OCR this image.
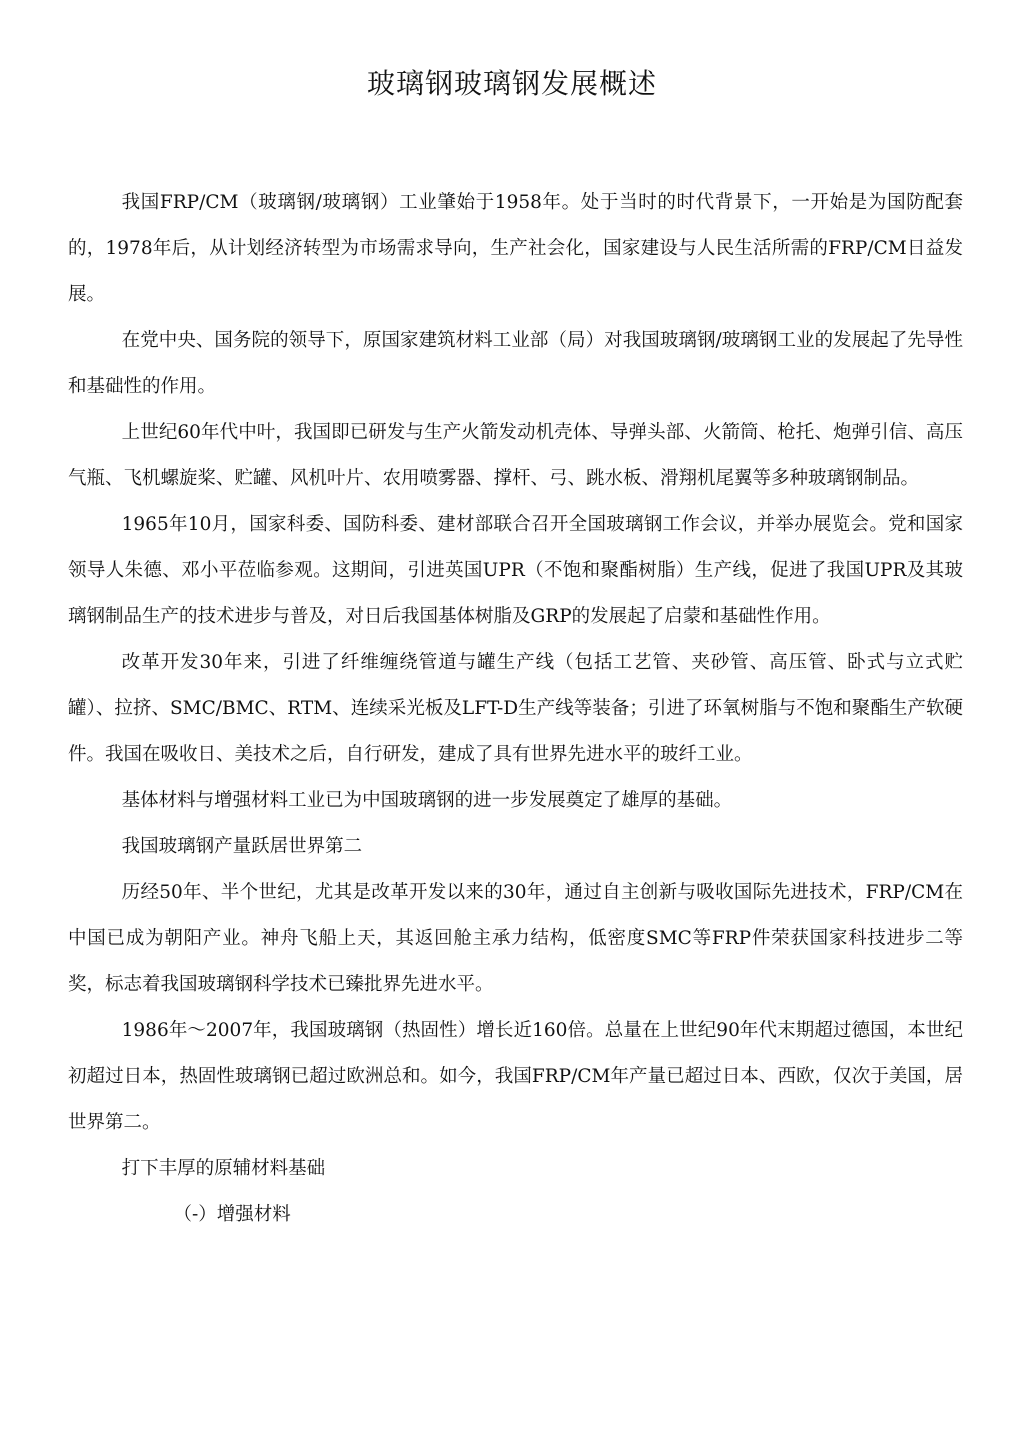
玻璃钢玻璃钢发展概述

我国FRP/CM（玻璃钢/玻璃钢）工业肇始于1958年。处于当时的时代背景下，一开始是为国防配套的，1978年后，从计划经济转型为市场需求导向，生产社会化，国家建设与人民生活所需的FRP/CM日益发展。

在党中央、国务院的领导下，原国家建筑材料工业部（局）对我国玻璃钢/玻璃钢工业的发展起了先导性和基础性的作用。

上世纪60年代中叶，我国即已研发与生产火箭发动机壳体、导弹头部、火箭筒、枪托、炮弹引信、高压气瓶、飞机螺旋桨、贮罐、风机叶片、农用喷雾器、撑杆、弓、跳水板、滑翔机尾翼等多种玻璃钢制品。

1965年10月，国家科委、国防科委、建材部联合召开全国玻璃钢工作会议，并举办展览会。党和国家领导人朱德、邓小平莅临参观。这期间，引进英国UPR（不饱和聚酯树脂）生产线，促进了我国UPR及其玻璃钢制品生产的技术进步与普及，对日后我国基体树脂及GRP的发展起了启蒙和基础性作用。

改革开发30年来，引进了纤维缠绕管道与罐生产线（包括工艺管、夹砂管、高压管、卧式与立式贮罐）、拉挤、SMC/BMC、RTM、连续采光板及LFT-D生产线等装备；引进了环氧树脂与不饱和聚酯生产软硬件。我国在吸收日、美技术之后，自行研发，建成了具有世界先进水平的玻纤工业。

基体材料与增强材料工业已为中国玻璃钢的进一步发展奠定了雄厚的基础。

我国玻璃钢产量跃居世界第二

历经50年、半个世纪，尤其是改革开发以来的30年，通过自主创新与吸收国际先进技术，FRP/CM在中国已成为朝阳产业。神舟飞船上天，其返回舱主承力结构，低密度SMC等FRP件荣获国家科技进步二等奖，标志着我国玻璃钢科学技术已臻批界先进水平。

1986年～2007年，我国玻璃钢（热固性）增长近160倍。总量在上世纪90年代末期超过德国，本世纪初超过日本，热固性玻璃钢已超过欧洲总和。如今，我国FRP/CM年产量已超过日本、西欧，仅次于美国，居世界第二。

打下丰厚的原辅材料基础

（-）增强材料
